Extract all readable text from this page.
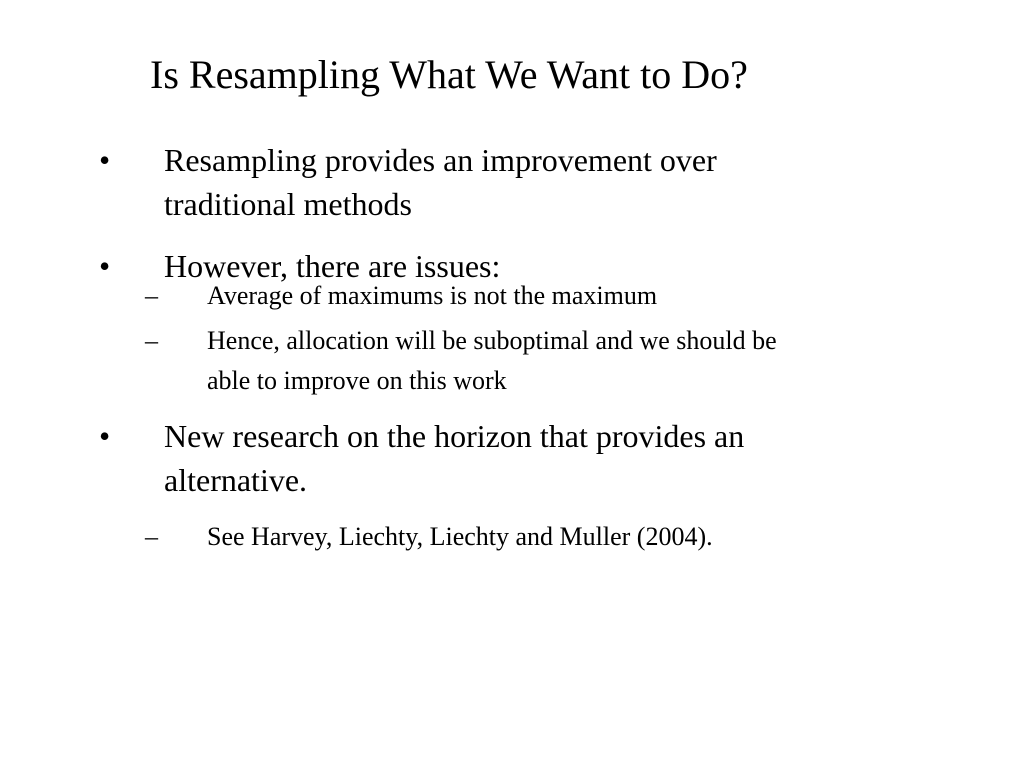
Is Resampling What We Want to Do?
• Resampling provides an improvement over
traditional methods
• However, there are issues:
– Average of maximums is not the maximum
– Hence, allocation will be suboptimal and we should be
able to improve on this work
• New research on the horizon that provides an
alternative.
– See Harvey, Liechty, Liechty and Muller (2004).
